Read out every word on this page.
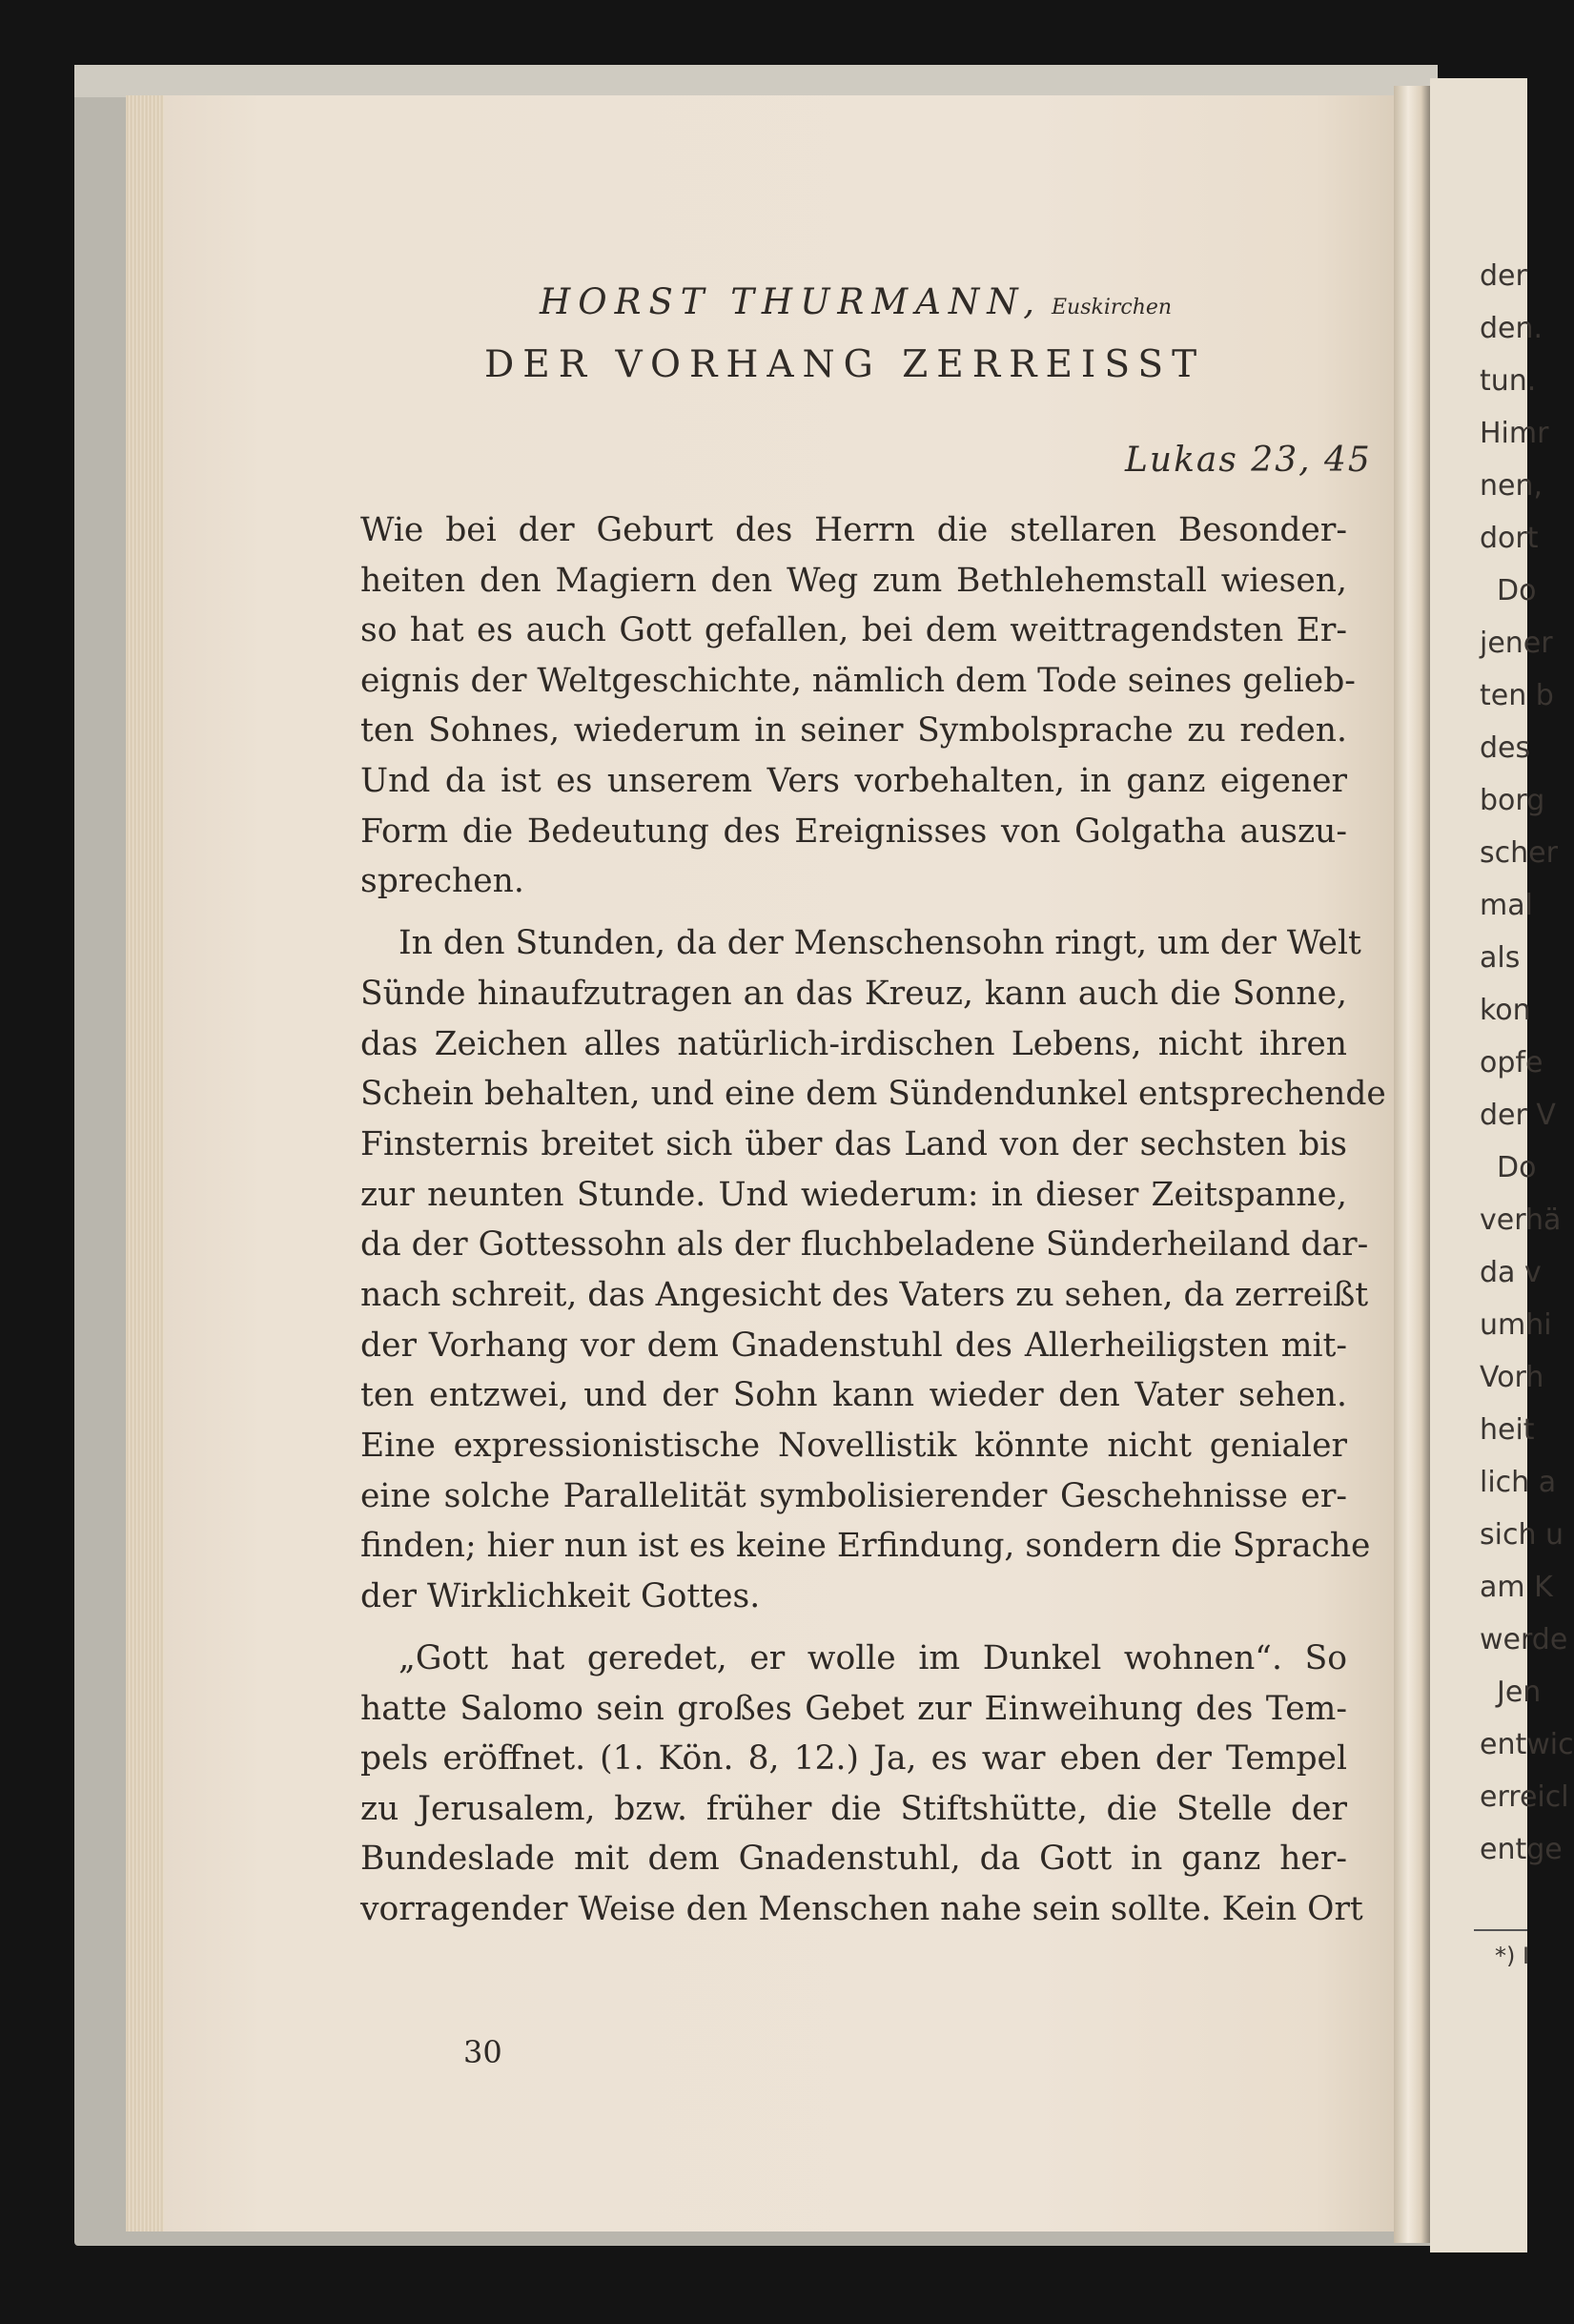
HORST THURMANN, Euskirchen
DER VORHANG ZERREISST
Lukas 23, 45
Wie bei der Geburt des Herrn die stellaren Besonder-
heiten den Magiern den Weg zum Bethlehemstall wiesen,
so hat es auch Gott gefallen, bei dem weittragendsten Er-
eignis der Weltgeschichte, nämlich dem Tode seines gelieb-
ten Sohnes, wiederum in seiner Symbolsprache zu reden.
Und da ist es unserem Vers vorbehalten, in ganz eigener
Form die Bedeutung des Ereignisses von Golgatha auszu-
sprechen.
In den Stunden, da der Menschensohn ringt, um der Welt
Sünde hinaufzutragen an das Kreuz, kann auch die Sonne,
das Zeichen alles natürlich-irdischen Lebens, nicht ihren
Schein behalten, und eine dem Sündendunkel entsprechende
Finsternis breitet sich über das Land von der sechsten bis
zur neunten Stunde. Und wiederum: in dieser Zeitspanne,
da der Gottessohn als der fluchbeladene Sünderheiland dar-
nach schreit, das Angesicht des Vaters zu sehen, da zerreißt
der Vorhang vor dem Gnadenstuhl des Allerheiligsten mit-
ten entzwei, und der Sohn kann wieder den Vater sehen.
Eine expressionistische Novellistik könnte nicht genialer
eine solche Parallelität symbolisierender Geschehnisse er-
finden; hier nun ist es keine Erfindung, sondern die Sprache
der Wirklichkeit Gottes.
„Gott hat geredet, er wolle im Dunkel wohnen“. So
hatte Salomo sein großes Gebet zur Einweihung des Tem-
pels eröffnet. (1. Kön. 8, 12.) Ja, es war eben der Tempel
zu Jerusalem, bzw. früher die Stiftshütte, die Stelle der
Bundeslade mit dem Gnadenstuhl, da Gott in ganz her-
vorragender Weise den Menschen nahe sein sollte. Kein Ort
30
der
den.
tun.
Himr
nen,
dort
Do
jener
ten b
des
borg
scher
mal
als
kon
opfe
der V
Do
verhä
da v
umhi
Vorh
heit
lich a
sich u
am K
werde
Jen
entwic
erreicl
entge
*) I
